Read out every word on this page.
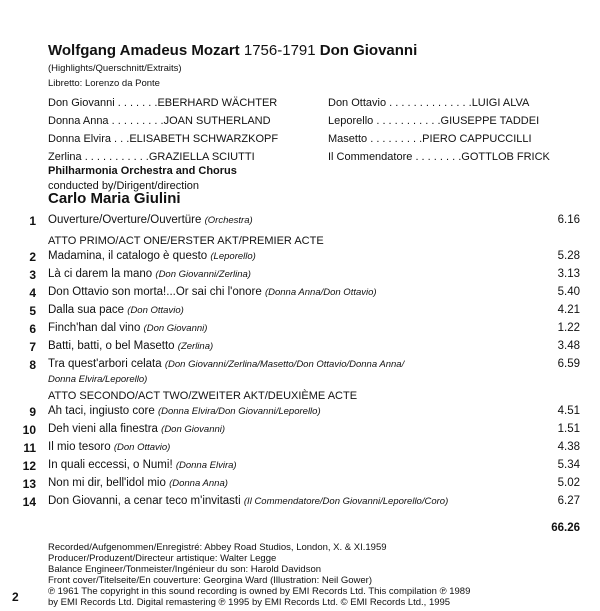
Wolfgang Amadeus Mozart 1756-1791 Don Giovanni
(Highlights/Querschnitt/Extraits)
Libretto: Lorenzo da Ponte
Don Giovanni . . . . . . .EBERHARD WÄCHTER
Donna Anna . . . . . . . . .JOAN SUTHERLAND
Donna Elvira . . .ELISABETH SCHWARZKOPF
Zerlina . . . . . . . . . . .GRAZIELLA SCIUTTI
Don Ottavio . . . . . . . . . . . . . .LUIGI ALVA
Leporello . . . . . . . . . . .GIUSEPPE TADDEI
Masetto . . . . . . . . .PIERO CAPPUCCILLI
Il Commendatore . . . . . . . .GOTTLOB FRICK
Philharmonia Orchestra and Chorus
conducted by/Dirigent/direction
Carlo Maria Giulini
1 Ouverture/Overture/Ouvertüre (Orchestra)	6.16
ATTO PRIMO/ACT ONE/ERSTER AKT/PREMIER ACTE
2 Madamina, il catalogo è questo (Leporello)	5.28
3 Là ci darem la mano (Don Giovanni/Zerlina)	3.13
4 Don Ottavio son morta!...Or sai chi l'onore (Donna Anna/Don Ottavio)	5.40
5 Dalla sua pace (Don Ottavio)	4.21
6 Finch'han dal vino (Don Giovanni)	1.22
7 Batti, batti, o bel Masetto (Zerlina)	3.48
8 Tra quest'arbori celata (Don Giovanni/Zerlina/Masetto/Don Ottavio/Donna Anna/	6.59
Donna Elvira/Leporello)
ATTO SECONDO/ACT TWO/ZWEITER AKT/DEUXIÈME ACTE
9 Ah taci, ingiusto core (Donna Elvira/Don Giovanni/Leporello)	4.51
10 Deh vieni alla finestra (Don Giovanni)	1.51
11 Il mio tesoro (Don Ottavio)	4.38
12 In quali eccessi, o Numi! (Donna Elvira)	5.34
13 Non mi dir, bell'idol mio (Donna Anna)	5.02
14 Don Giovanni, a cenar teco m'invitasti (Il Commendatore/Don Giovanni/Leporello/Coro)	6.27
66.26
Recorded/Aufgenommen/Enregistré: Abbey Road Studios, London, X. & XI.1959
Producer/Produzent/Directeur artistique: Walter Legge
Balance Engineer/Tonmeister/Ingénieur du son: Harold Davidson
Front cover/Titelseite/En couverture: Georgina Ward (Illustration: Neil Gower)
℗ 1961 The copyright in this sound recording is owned by EMI Records Ltd. This compilation ℗ 1989
by EMI Records Ltd. Digital remastering ℗ 1995 by EMI Records Ltd. © EMI Records Ltd., 1995
2
